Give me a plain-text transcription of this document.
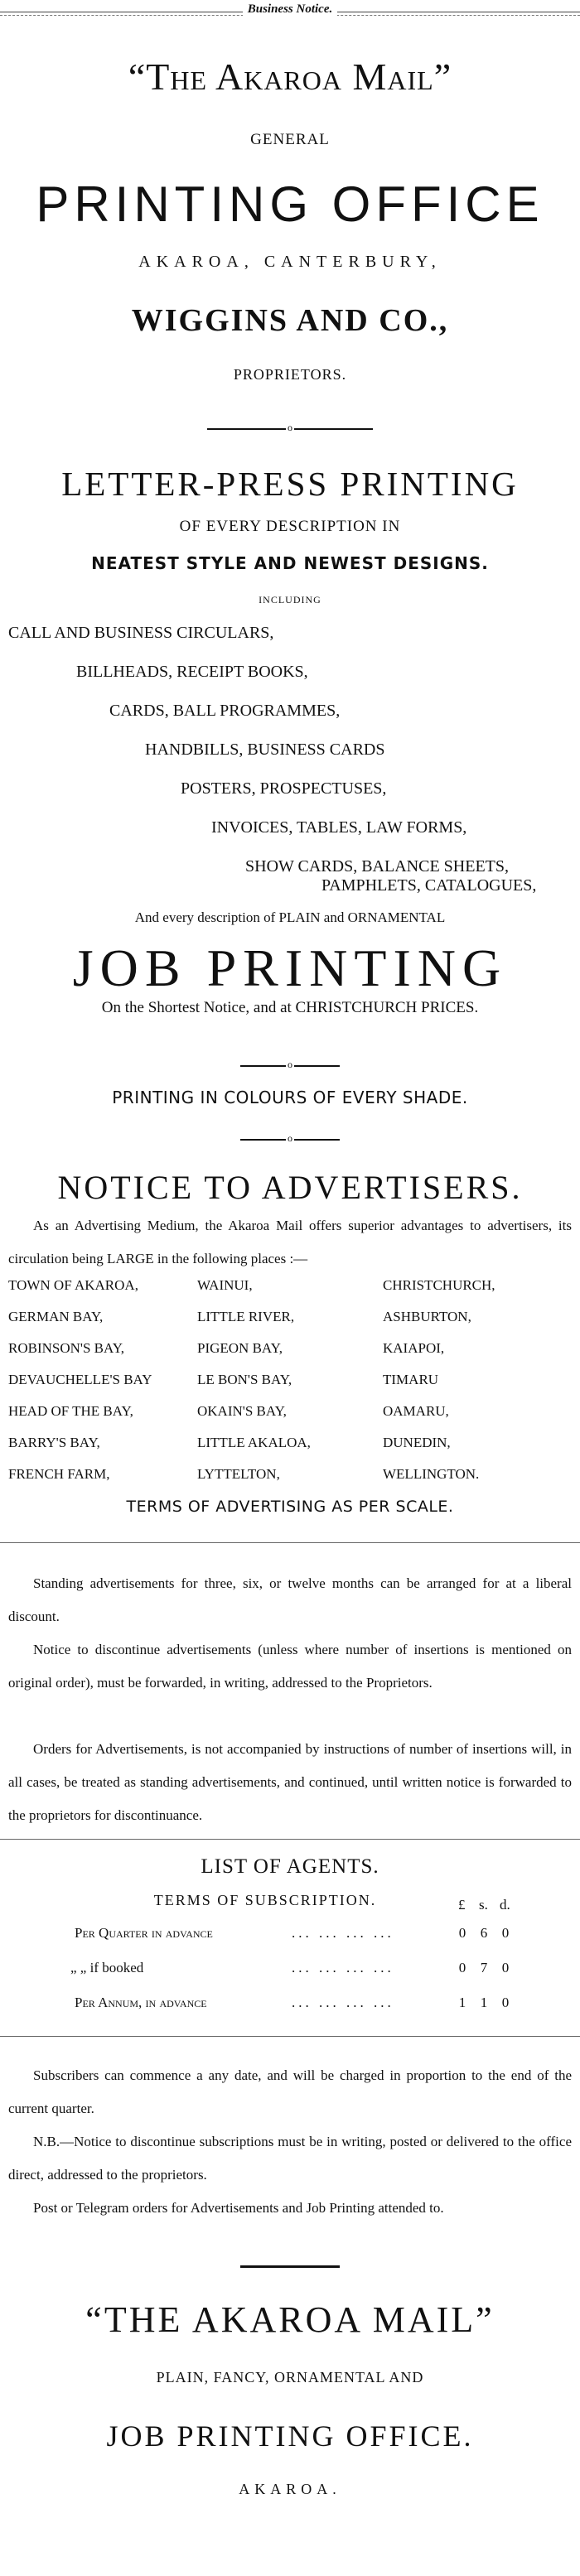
Business Notice.
“The Akaroa Mail”
GENERAL
PRINTING OFFICE
AKAROA, CANTERBURY,
WIGGINS AND CO.,
PROPRIETORS.
o
LETTER-PRESS PRINTING
OF EVERY DESCRIPTION IN
NEATEST STYLE AND NEWEST DESIGNS.
INCLUDING
CALL AND BUSINESS CIRCULARS,
BILLHEADS, RECEIPT BOOKS,
CARDS, BALL PROGRAMMES,
HANDBILLS, BUSINESS CARDS
POSTERS, PROSPECTUSES,
INVOICES, TABLES, LAW FORMS,
SHOW CARDS, BALANCE SHEETS,
And every description of PLAIN and ORNAMENTAL
PAMPHLETS, CATALOGUES,
JOB PRINTING
On the Shortest Notice, and at CHRISTCHURCH PRICES.
o
PRINTING IN COLOURS OF EVERY SHADE.
o
NOTICE TO ADVERTISERS.
As an Advertising Medium, the Akaroa Mail offers superior advantages to advertisers, its circulation being LARGE in the following places :—
TOWN OF AKAROA,	WAINUI,	CHRISTCHURCH,
GERMAN BAY,	LITTLE RIVER,	ASHBURTON,
ROBINSON'S BAY,	PIGEON BAY,	KAIAPOI,
DEVAUCHELLE'S BAY	LE BON'S BAY,	TIMARU
HEAD OF THE BAY,	OKAIN'S BAY,	OAMARU,
BARRY'S BAY,	LITTLE AKALOA,	DUNEDIN,
FRENCH FARM,	LYTTELTON,	WELLINGTON.
TERMS OF ADVERTISING AS PER SCALE.
Standing advertisements for three, six, or twelve months can be arranged for at a liberal discount.
Notice to discontinue advertisements (unless where number of insertions is mentioned on original order), must be forwarded, in writing, addressed to the Proprietors.
Orders for Advertisements, is not accompanied by instructions of number of insertions will, in all cases, be treated as standing advertisements, and continued, until written notice is forwarded to the proprietors for discontinuance.
LIST OF AGENTS.
TERMS OF SUBSCRIPTION.	£ s. d.
Per Quarter in advance	... ... ... ...	0	6	0
„ „ if booked	... ... ... ...	0	7	0
Per Annum, in advance	... ... ... ...	1	1	0
Subscribers can commence a any date, and will be charged in proportion to the end of the current quarter.
N.B.—Notice to discontinue subscriptions must be in writing, posted or delivered to the office direct, addressed to the proprietors.
Post or Telegram orders for Advertisements and Job Printing attended to.
“THE AKAROA MAIL”
PLAIN, FANCY, ORNAMENTAL AND
JOB PRINTING OFFICE.
AKAROA.
